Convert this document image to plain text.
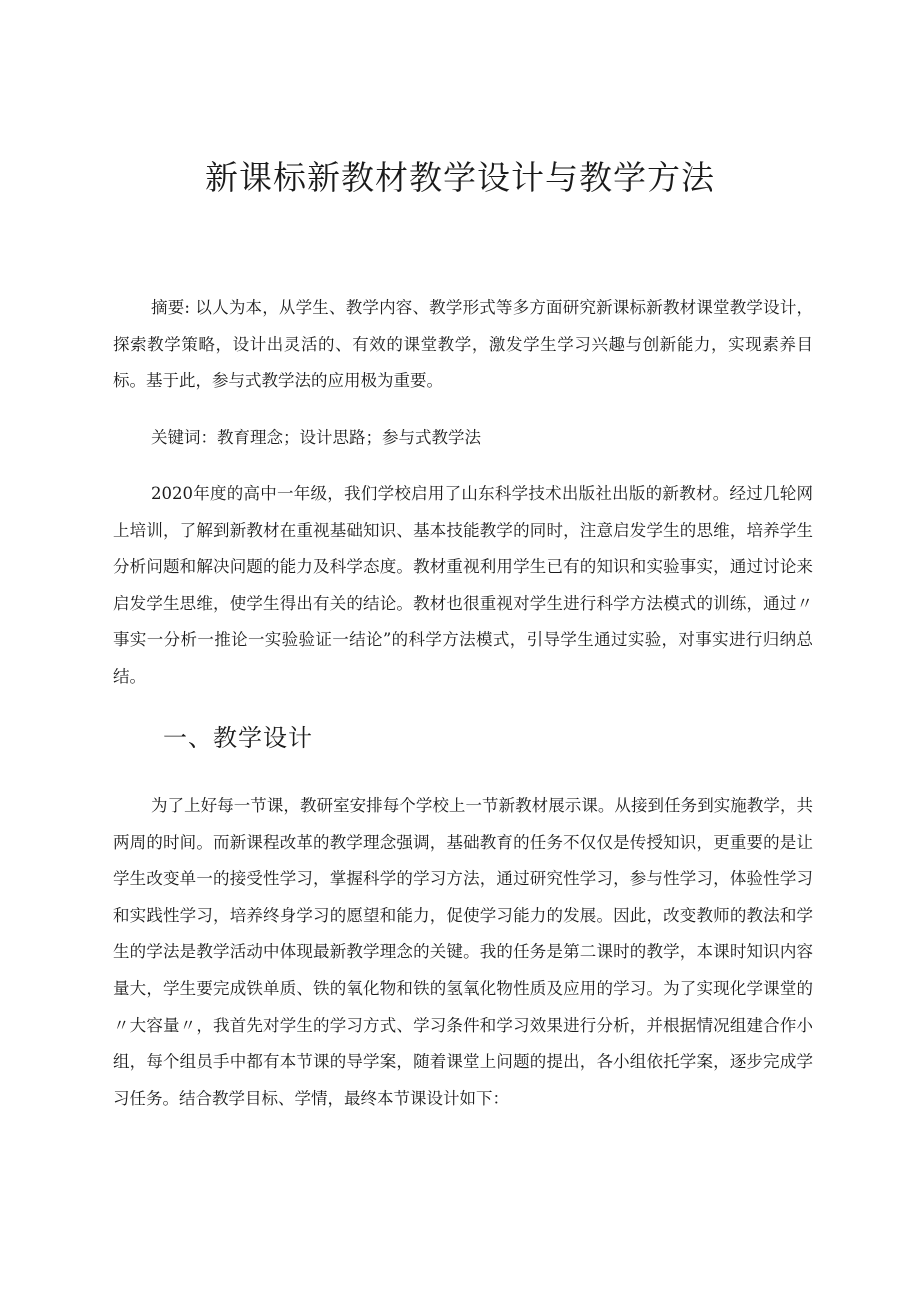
新课标新教材教学设计与教学方法

摘要: 以人为本，从学生、教学内容、教学形式等多方面研究新课标新教材课堂教学设计，探索教学策略，设计出灵活的、有效的课堂教学，激发学生学习兴趣与创新能力，实现素养目标。基于此，参与式教学法的应用极为重要。

关键词：教育理念；设计思路；参与式教学法

2020年度的高中一年级，我们学校启用了山东科学技术出版社出版的新教材。经过几轮网上培训，了解到新教材在重视基础知识、基本技能教学的同时，注意启发学生的思维，培养学生分析问题和解决问题的能力及科学态度。教材重视利用学生已有的知识和实验事实，通过讨论来启发学生思维，使学生得出有关的结论。教材也很重视对学生进行科学方法模式的训练，通过〃事实一分析一推论一实验验证一结论”的科学方法模式，引导学生通过实验，对事实进行归纳总结。

一、教学设计

为了上好每一节课，教研室安排每个学校上一节新教材展示课。从接到任务到实施教学，共两周的时间。而新课程改革的教学理念强调，基础教育的任务不仅仅是传授知识，更重要的是让学生改变单一的接受性学习，掌握科学的学习方法，通过研究性学习，参与性学习，体验性学习和实践性学习，培养终身学习的愿望和能力，促使学习能力的发展。因此，改变教师的教法和学生的学法是教学活动中体现最新教学理念的关键。我的任务是第二课时的教学，本课时知识内容量大，学生要完成铁单质、铁的氧化物和铁的氢氧化物性质及应用的学习。为了实现化学课堂的〃大容量〃，我首先对学生的学习方式、学习条件和学习效果进行分析，并根据情况组建合作小组，每个组员手中都有本节课的导学案，随着课堂上问题的提出，各小组依托学案，逐步完成学习任务。结合教学目标、学情，最终本节课设计如下：
